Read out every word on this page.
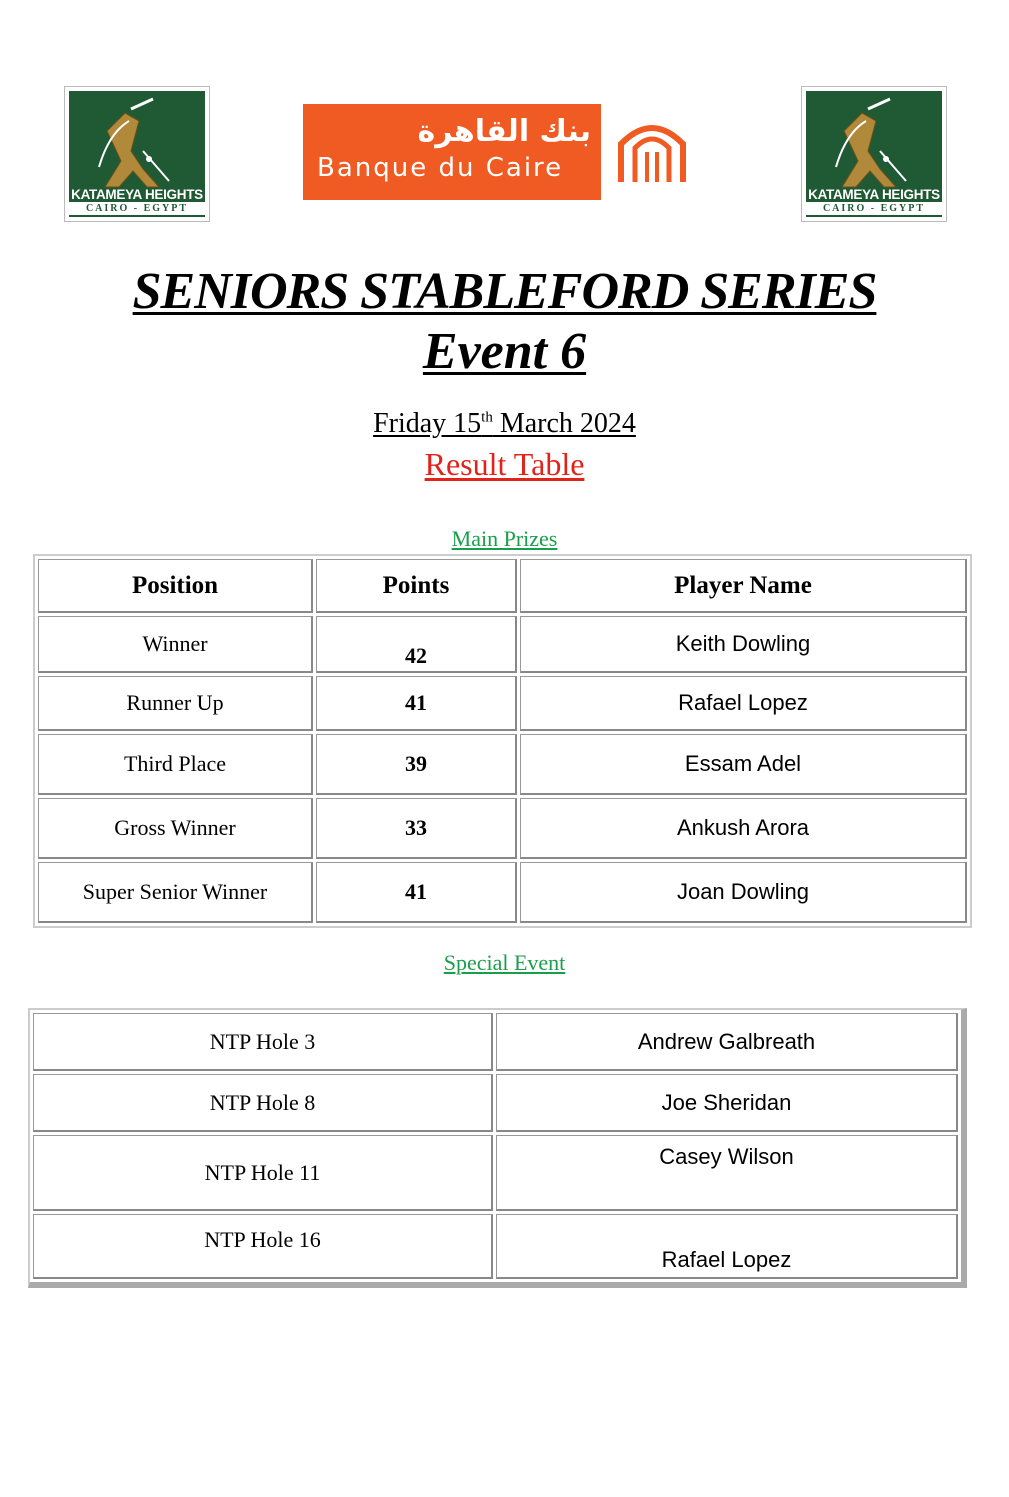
KATAMEYA HEIGHTS
CAIRO - EGYPT
بنك القاهرة
Banque du Caire
KATAMEYA HEIGHTS
CAIRO - EGYPT
SENIORS STABLEFORD SERIES
Event 6
Friday 15th March 2024
Result Table
Main Prizes
Position	Points	Player Name
Winner	42	Keith Dowling
Runner Up	41	Rafael Lopez
Third Place	39	Essam Adel
Gross Winner	33	Ankush Arora
Super Senior Winner	41	Joan Dowling
Special Event
NTP Hole 3	Andrew Galbreath
NTP Hole 8	Joe Sheridan
NTP Hole 11	Casey Wilson
NTP Hole 16	Rafael Lopez
